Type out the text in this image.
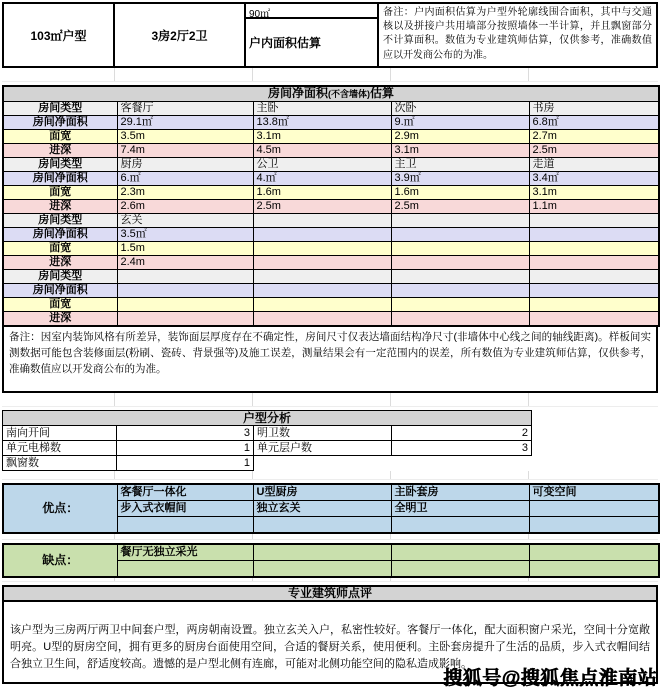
103㎡户型	3房2厅2卫
90㎡
户内面积估算
备注：户内面积估算为户型外轮廓线围合面积，其中与交通核以及拼接户共用墙部分按照墙体一半计算，并且飘窗部分不计算面积。数值为专业建筑师估算，仅供参考，准确数值应以开发商公布的为准。
房间净面积(不含墙体)估算				
房间类型	客餐厅	主卧	次卧	书房
房间净面积	29.1㎡	13.8㎡	9.㎡	6.8㎡
面宽	3.5m	3.1m	2.9m	2.7m
进深	7.4m	4.5m	3.1m	2.5m
房间类型	厨房	公卫	主卫	走道
房间净面积	6.㎡	4.㎡	3.9㎡	3.4㎡
面宽	2.3m	1.6m	1.6m	3.1m
进深	2.6m	2.5m	2.5m	1.1m
房间类型	玄关			
房间净面积	3.5㎡			
面宽	1.5m			
进深	2.4m			
房间类型				
房间净面积				
面宽				
进深				
备注：因室内装饰风格有所差异，装饰面层厚度存在不确定性，房间尺寸仅表达墙面结构净尺寸(非墙体中心线之间的轴线距离)。样板间实测数据可能包含装修面层(粉刷、瓷砖、背景强等)及施工误差，测量结果会有一定范围内的误差，所有数值为专业建筑师估算，仅供参考，准确数值应以开发商公布的为准。
户型分析			
南向开间	3	明卫数	2
单元电梯数	1	单元层户数	3
飘窗数	1		
优点：	客餐厅一体化	U型厨房	主卧套房	可变空间
	步入式衣帽间	独立玄关	全明卫	

缺点：	餐厅无独立采光			

专业建筑师点评
该户型为三房两厅两卫中间套户型，两房朝南设置。独立玄关入户，私密性较好。客餐厅一体化，配大面积窗户采光，空间十分宽敞明亮。U型的厨房空间，拥有更多的厨房台面使用空间，合适的餐厨关系，使用便利。主卧套房提升了生活的品质，步入式衣帽间结合独立卫生间，舒适度较高。遗憾的是户型北侧有连廊，可能对北侧功能空间的隐私造成影响。
搜狐号@搜狐焦点淮南站
